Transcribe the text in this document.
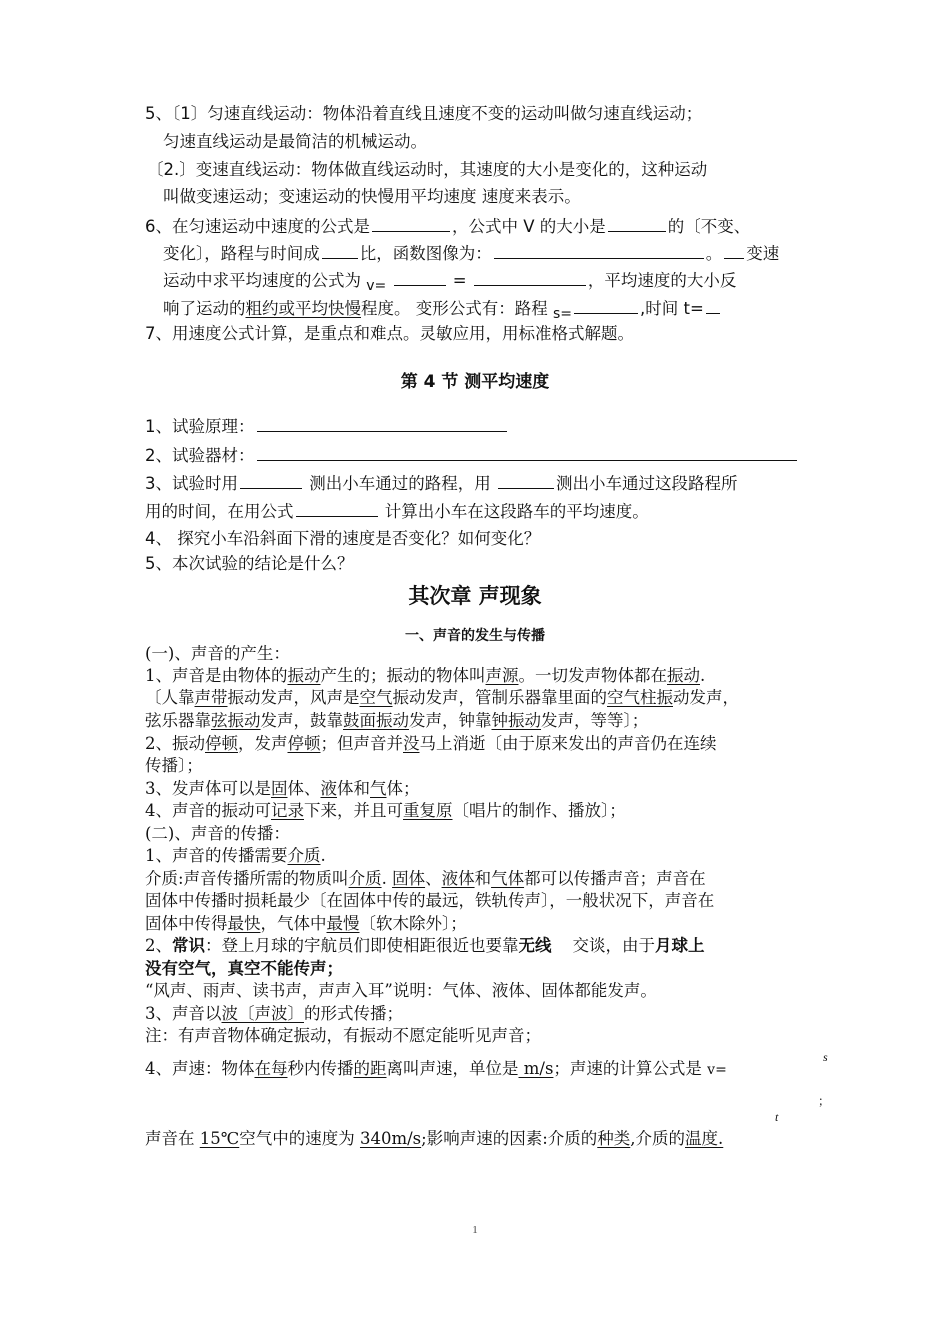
5、〔1〕匀速直线运动：物体沿着直线且速度不变的运动叫做匀速直线运动；
匀速直线运动是最简洁的机械运动。
〔2.〕变速直线运动：物体做直线运动时，其速度的大小是变化的，这种运动
叫做变速运动；变速运动的快慢用平均速度 速度来表示。
6、在匀速运动中速度的公式是	，公式中 V 的大小是	的〔不变、
变化〕，路程与时间成 比，函数图像为：	。 变速
运动中求平均速度的公式为 $_{v=}$	=	，平均速度的大小反
响了运动的粗约或平均快慢程度。 变形公式有：路程 $_{s=}$	,时间 t=
7、用速度公式计算，是重点和难点。灵敏应用，用标准格式解题。
第 4 节 测平均速度
1、试验原理：
2、试验器材：
3、试验时用	测出小车通过的路程，用	测出小车通过这段路程所
用的时间，在用公式	计算出小车在这段路车的平均速度。
4、 探究小车沿斜面下滑的速度是否变化？如何变化？
5、本次试验的结论是什么？
其次章 声现象
一、声音的发生与传播
(一)、声音的产生：
1、声音是由物体的振动产生的；振动的物体叫声源。一切发声物体都在振动.
〔人靠声带振动发声，风声是空气振动发声，管制乐器靠里面的空气柱振动发声，
弦乐器靠弦振动发声，鼓靠鼓面振动发声，钟靠钟振动发声，等等〕；
2、振动停顿，发声停顿；但声音并没马上消逝〔由于原来发出的声音仍在连续
传播〕；
3、发声体可以是固体、液体和气体；
4、声音的振动可记录下来，并且可重复原〔唱片的制作、播放〕；
(二)、声音的传播：
1、声音的传播需要介质.
介质:声音传播所需的物质叫介质. 固体、液体和气体都可以传播声音；声音在
固体中传播时损耗最少〔在固体中传的最远，铁轨传声〕，一般状况下，声音在
固体中传得最快，气体中最慢〔软木除外〕；
2、常识：登上月球的宇航员们即使相距很近也要靠无线 交谈，由于月球上
没有空气，真空不能传声；
“风声、雨声、读书声，声声入耳”说明：气体、液体、固体都能发声。
3、声音以波〔声波〕的形式传播；
注：有声音物体确定振动，有振动不愿定能听见声音；
4、声速：物体在每秒内传播的距离叫声速，单位是 m/s；声速的计算公式是 v=
s
；
t
声音在 15℃空气中的速度为 340m/s;影响声速的因素:介质的种类,介质的温度.
1
